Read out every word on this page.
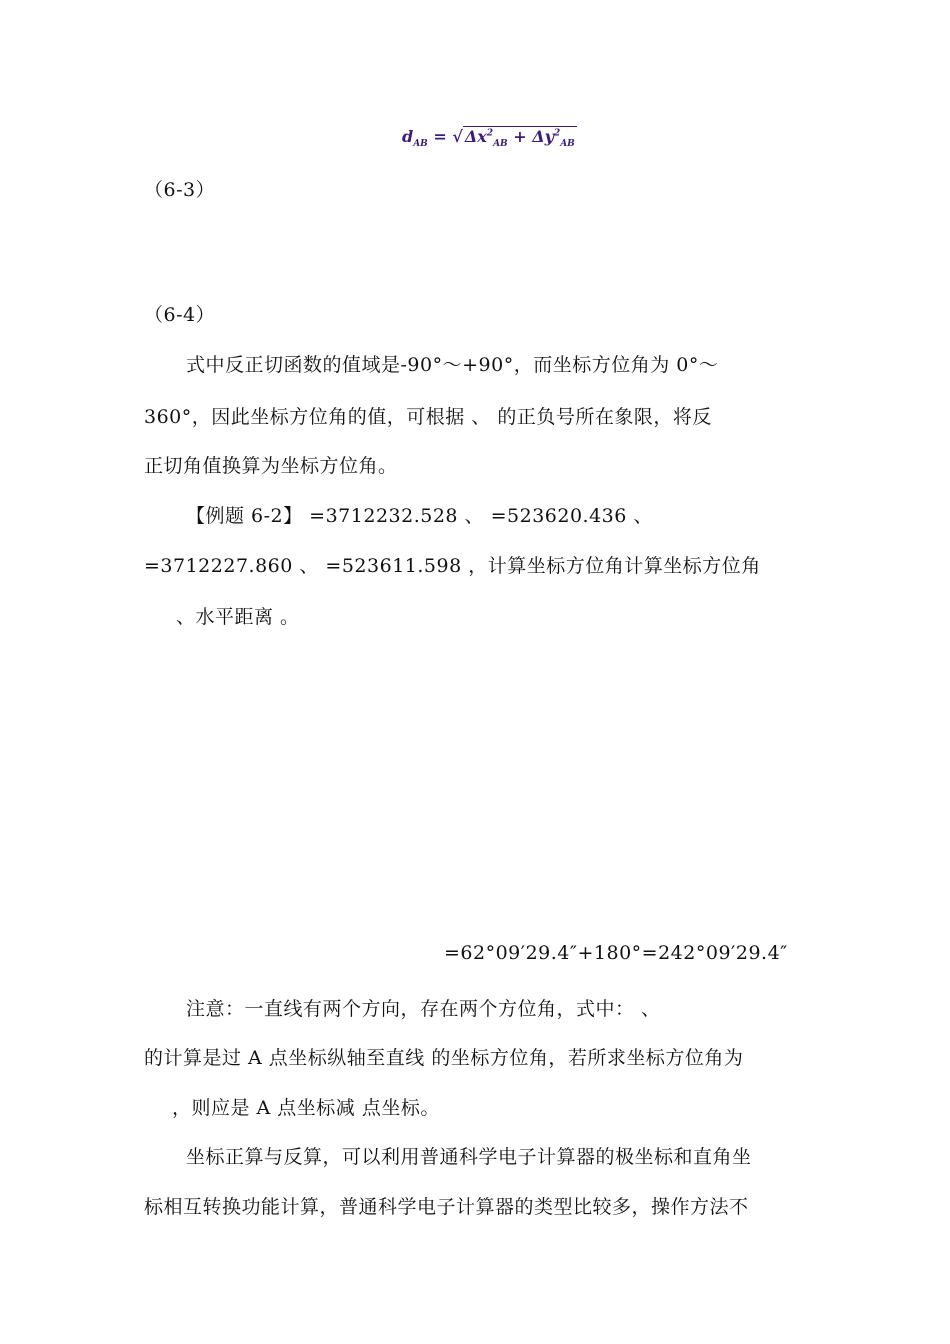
$d_{AB}$ = √ $\Delta x^2_{AB} + \Delta y^2_{AB}$
（6-3）
（6-4）
式中反正切函数的值域是-90°～+90°，而坐标方位角为 0°～
360°，因此坐标方位角的值，可根据 、 的正负号所在象限，将反
正切角值换算为坐标方位角。
【例题 6-2】 =3712232.528 、 =523620.436 、
=3712227.860 、 =523611.598 ，计算坐标方位角计算坐标方位角
、水平距离 。
=62°09′29.4″+180°=242°09′29.4″
注意：一直线有两个方向，存在两个方位角，式中： 、
的计算是过 A 点坐标纵轴至直线 的坐标方位角，若所求坐标方位角为
，则应是 A 点坐标减 点坐标。
坐标正算与反算，可以利用普通科学电子计算器的极坐标和直角坐
标相互转换功能计算，普通科学电子计算器的类型比较多，操作方法不
